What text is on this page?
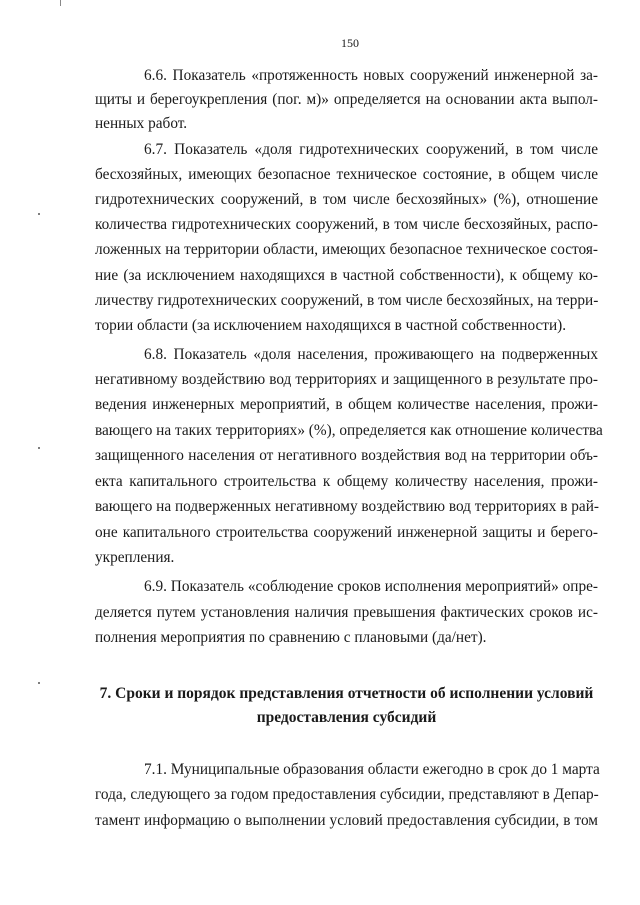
150
6.6. Показатель «протяженность новых сооружений инженерной за-
щиты и берегоукрепления (пог. м)» определяется на основании акта выпол-
ненных работ.
6.7. Показатель «доля гидротехнических сооружений, в том числе
бесхозяйных, имеющих безопасное техническое состояние, в общем числе
гидротехнических сооружений, в том числе бесхозяйных» (%), отношение
количества гидротехнических сооружений, в том числе бесхозяйных, распо-
ложенных на территории области, имеющих безопасное техническое состоя-
ние (за исключением находящихся в частной собственности), к общему ко-
личеству гидротехнических сооружений, в том числе бесхозяйных, на терри-
тории области (за исключением находящихся в частной собственности).
6.8. Показатель «доля населения, проживающего на подверженных
негативному воздействию вод территориях и защищенного в результате про-
ведения инженерных мероприятий, в общем количестве населения, прожи-
вающего на таких территориях» (%), определяется как отношение количества
защищенного населения от негативного воздействия вод на территории объ-
екта капитального строительства к общему количеству населения, прожи-
вающего на подверженных негативному воздействию вод территориях в рай-
оне капитального строительства сооружений инженерной защиты и берего-
укрепления.
6.9. Показатель «соблюдение сроков исполнения мероприятий» опре-
деляется путем установления наличия превышения фактических сроков ис-
полнения мероприятия по сравнению с плановыми (да/нет).
7. Сроки и порядок представления отчетности об исполнении условий
предоставления субсидий
7.1. Муниципальные образования области ежегодно в срок до 1 марта
года, следующего за годом предоставления субсидии, представляют в Депар-
тамент информацию о выполнении условий предоставления субсидии, в том
